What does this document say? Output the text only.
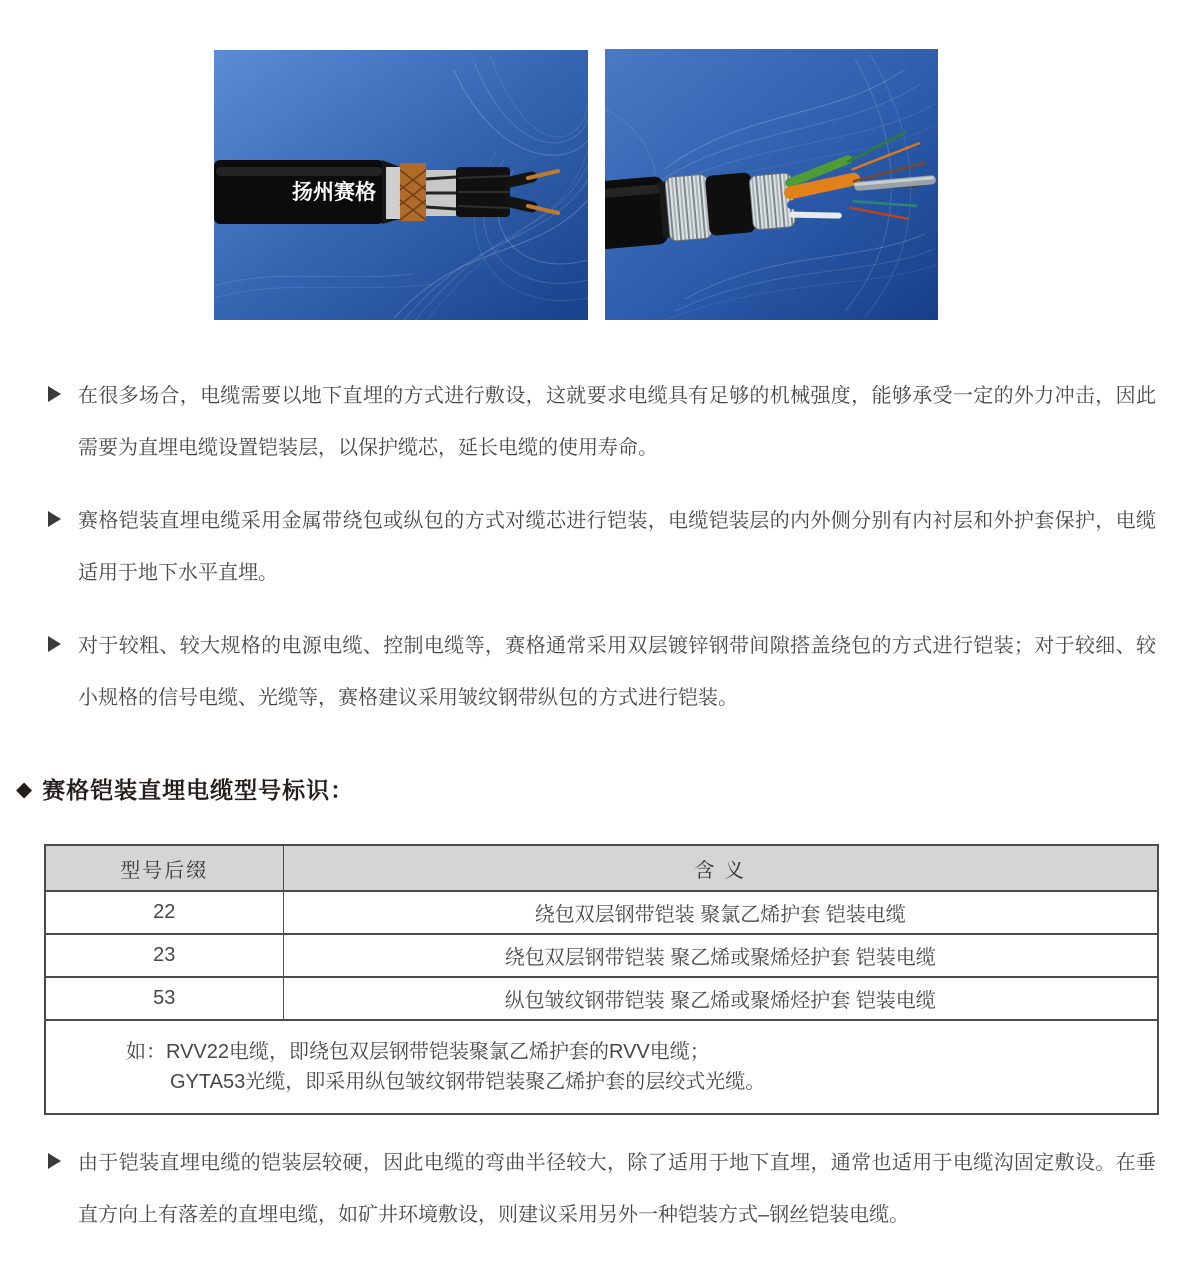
扬州赛格
在很多场合，电缆需要以地下直埋的方式进行敷设，这就要求电缆具有足够的机械强度，能够承受一定的外力冲击，因此
需要为直埋电缆设置铠装层，以保护缆芯，延长电缆的使用寿命。
赛格铠装直埋电缆采用金属带绕包或纵包的方式对缆芯进行铠装，电缆铠装层的内外侧分别有内衬层和外护套保护，电缆
适用于地下水平直埋。
对于较粗、较大规格的电源电缆、控制电缆等，赛格通常采用双层镀锌钢带间隙搭盖绕包的方式进行铠装；对于较细、较
小规格的信号电缆、光缆等，赛格建议采用皱纹钢带纵包的方式进行铠装。
◆ 赛格铠装直埋电缆型号标识：
型号后缀	含 义
22	绕包双层钢带铠装 聚氯乙烯护套 铠装电缆
23	绕包双层钢带铠装 聚乙烯或聚烯烃护套 铠装电缆
53	纵包皱纹钢带铠装 聚乙烯或聚烯烃护套 铠装电缆

如：RVV22电缆，即绕包双层钢带铠装聚氯乙烯护套的RVV电缆；
GYTA53光缆，即采用纵包皱纹钢带铠装聚乙烯护套的层绞式光缆。	
由于铠装直埋电缆的铠装层较硬，因此电缆的弯曲半径较大，除了适用于地下直埋，通常也适用于电缆沟固定敷设。在垂
直方向上有落差的直埋电缆，如矿井环境敷设，则建议采用另外一种铠装方式–钢丝铠装电缆。
